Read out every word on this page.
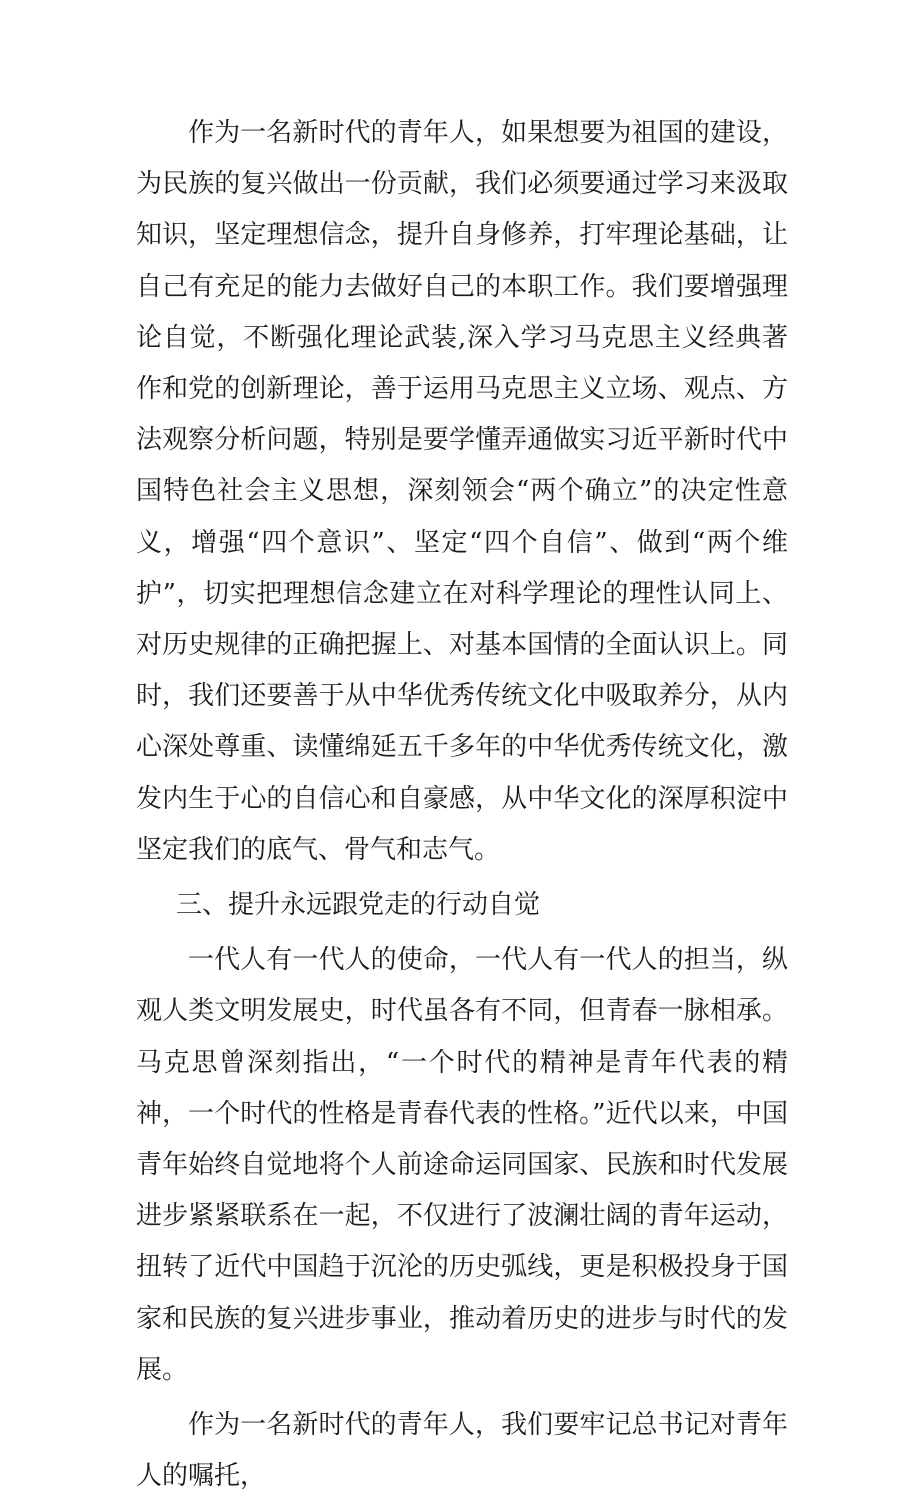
作为一名新时代的青年人，如果想要为祖国的建设，为民族的复兴做出一份贡献，我们必须要通过学习来汲取知识，坚定理想信念，提升自身修养，打牢理论基础，让自己有充足的能力去做好自己的本职工作。我们要增强理论自觉，不断强化理论武装,深入学习马克思主义经典著作和党的创新理论，善于运用马克思主义立场、观点、方法观察分析问题，特别是要学懂弄通做实习近平新时代中国特色社会主义思想，深刻领会“两个确立”的决定性意义，增强“四个意识”、坚定“四个自信”、做到“两个维护”，切实把理想信念建立在对科学理论的理性认同上、对历史规律的正确把握上、对基本国情的全面认识上。同时，我们还要善于从中华优秀传统文化中吸取养分，从内心深处尊重、读懂绵延五千多年的中华优秀传统文化，激发内生于心的自信心和自豪感，从中华文化的深厚积淀中坚定我们的底气、骨气和志气。

三、提升永远跟党走的行动自觉

一代人有一代人的使命，一代人有一代人的担当，纵观人类文明发展史，时代虽各有不同，但青春一脉相承。马克思曾深刻指出，“一个时代的精神是青年代表的精神，一个时代的性格是青春代表的性格。”近代以来，中国青年始终自觉地将个人前途命运同国家、民族和时代发展进步紧紧联系在一起，不仅进行了波澜壮阔的青年运动，扭转了近代中国趋于沉沦的历史弧线，更是积极投身于国家和民族的复兴进步事业，推动着历史的进步与时代的发展。

作为一名新时代的青年人，我们要牢记总书记对青年人的嘱托，
